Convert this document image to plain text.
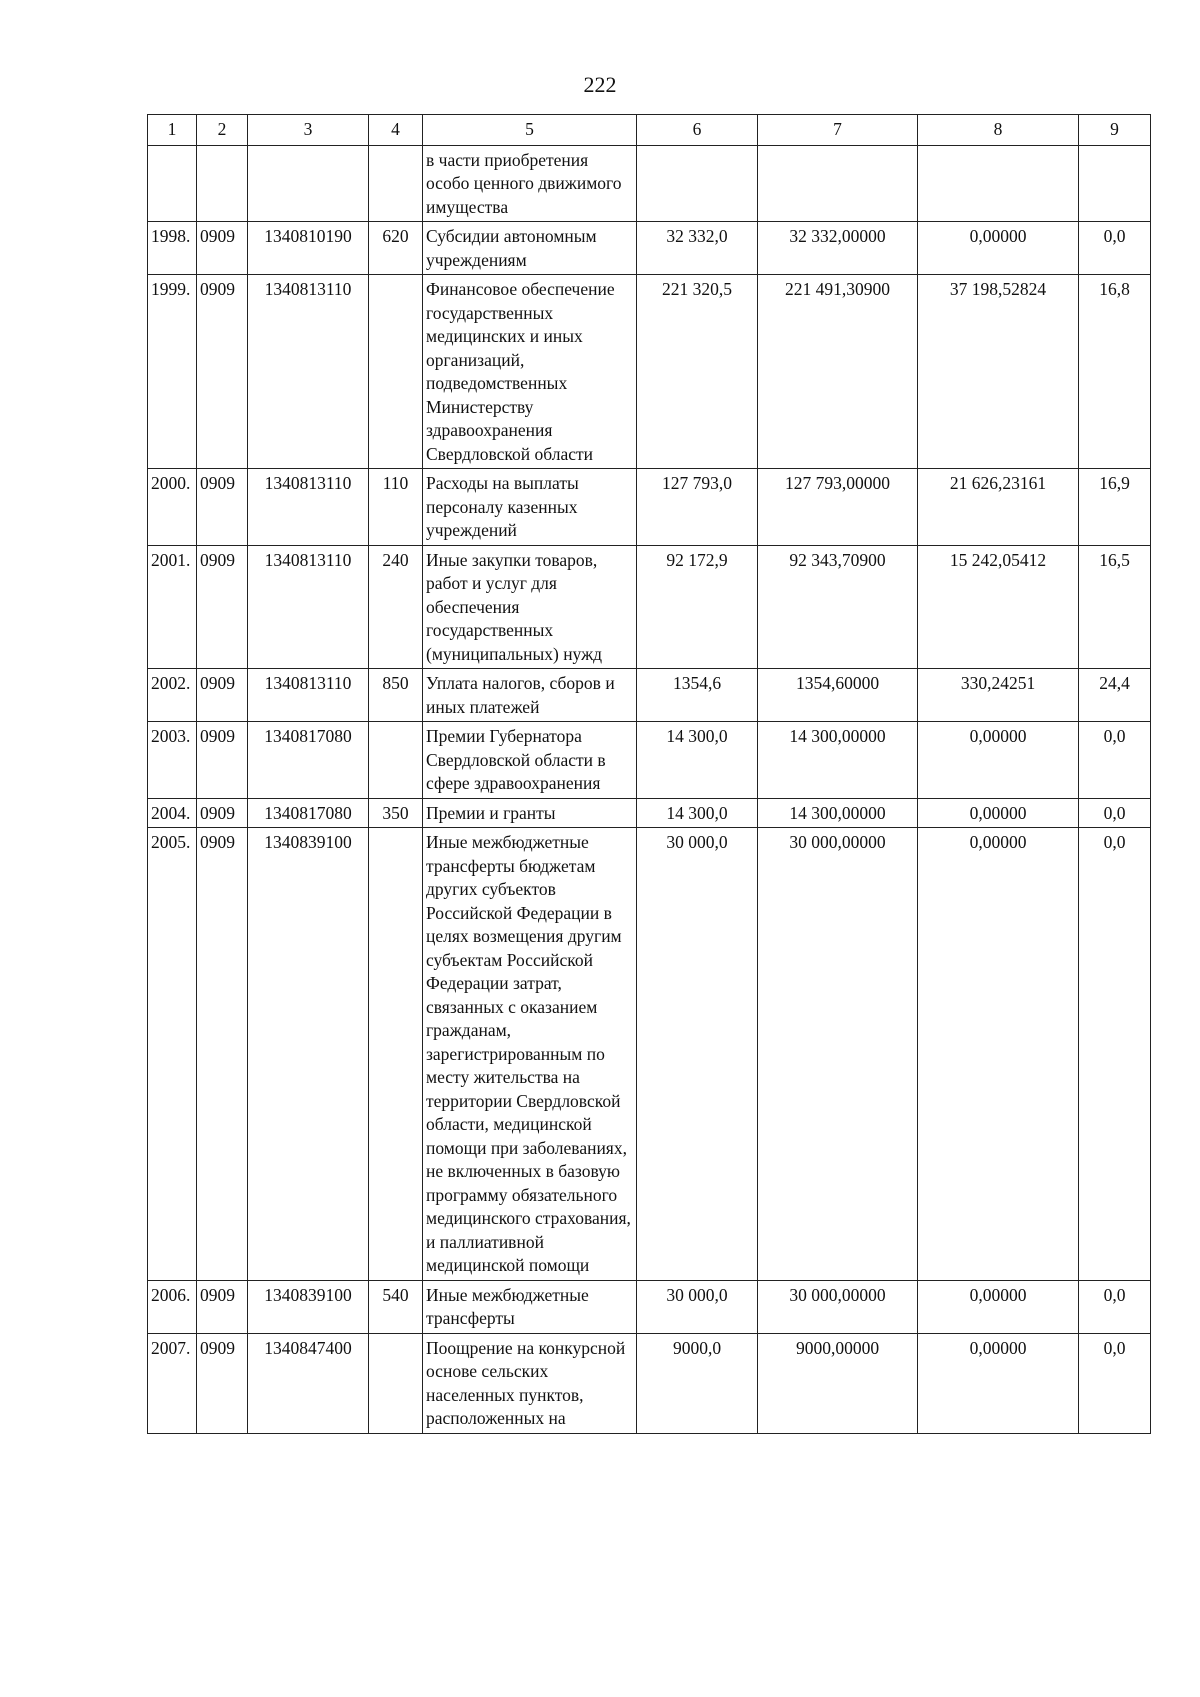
222
1	2	3	4	5	6	7	8	9
				в части приобретения особо ценного движимого имущества				
1998.	0909	1340810190	620	Субсидии автономным учреждениям	32 332,0	32 332,00000	0,00000	0,0
1999.	0909	1340813110		Финансовое обеспечение государственных медицинских и иных организаций, подведомственных Министерству здравоохранения Свердловской области	221 320,5	221 491,30900	37 198,52824	16,8
2000.	0909	1340813110	110	Расходы на выплаты персоналу казенных учреждений	127 793,0	127 793,00000	21 626,23161	16,9
2001.	0909	1340813110	240	Иные закупки товаров, работ и услуг для обеспечения государственных (муниципальных) нужд	92 172,9	92 343,70900	15 242,05412	16,5
2002.	0909	1340813110	850	Уплата налогов, сборов и иных платежей	1354,6	1354,60000	330,24251	24,4
2003.	0909	1340817080		Премии Губернатора Свердловской области в сфере здравоохранения	14 300,0	14 300,00000	0,00000	0,0
2004.	0909	1340817080	350	Премии и гранты	14 300,0	14 300,00000	0,00000	0,0
2005.	0909	1340839100		Иные межбюджетные трансферты бюджетам других субъектов Российской Федерации в целях возмещения другим субъектам Российской Федерации затрат, связанных с оказанием гражданам, зарегистрированным по месту жительства на территории Свердловской области, медицинской помощи при заболеваниях, не включенных в базовую программу обязательного медицинского страхования, и паллиативной медицинской помощи	30 000,0	30 000,00000	0,00000	0,0
2006.	0909	1340839100	540	Иные межбюджетные трансферты	30 000,0	30 000,00000	0,00000	0,0
2007.	0909	1340847400		Поощрение на конкурсной основе сельских населенных пунктов, расположенных на	9000,0	9000,00000	0,00000	0,0
